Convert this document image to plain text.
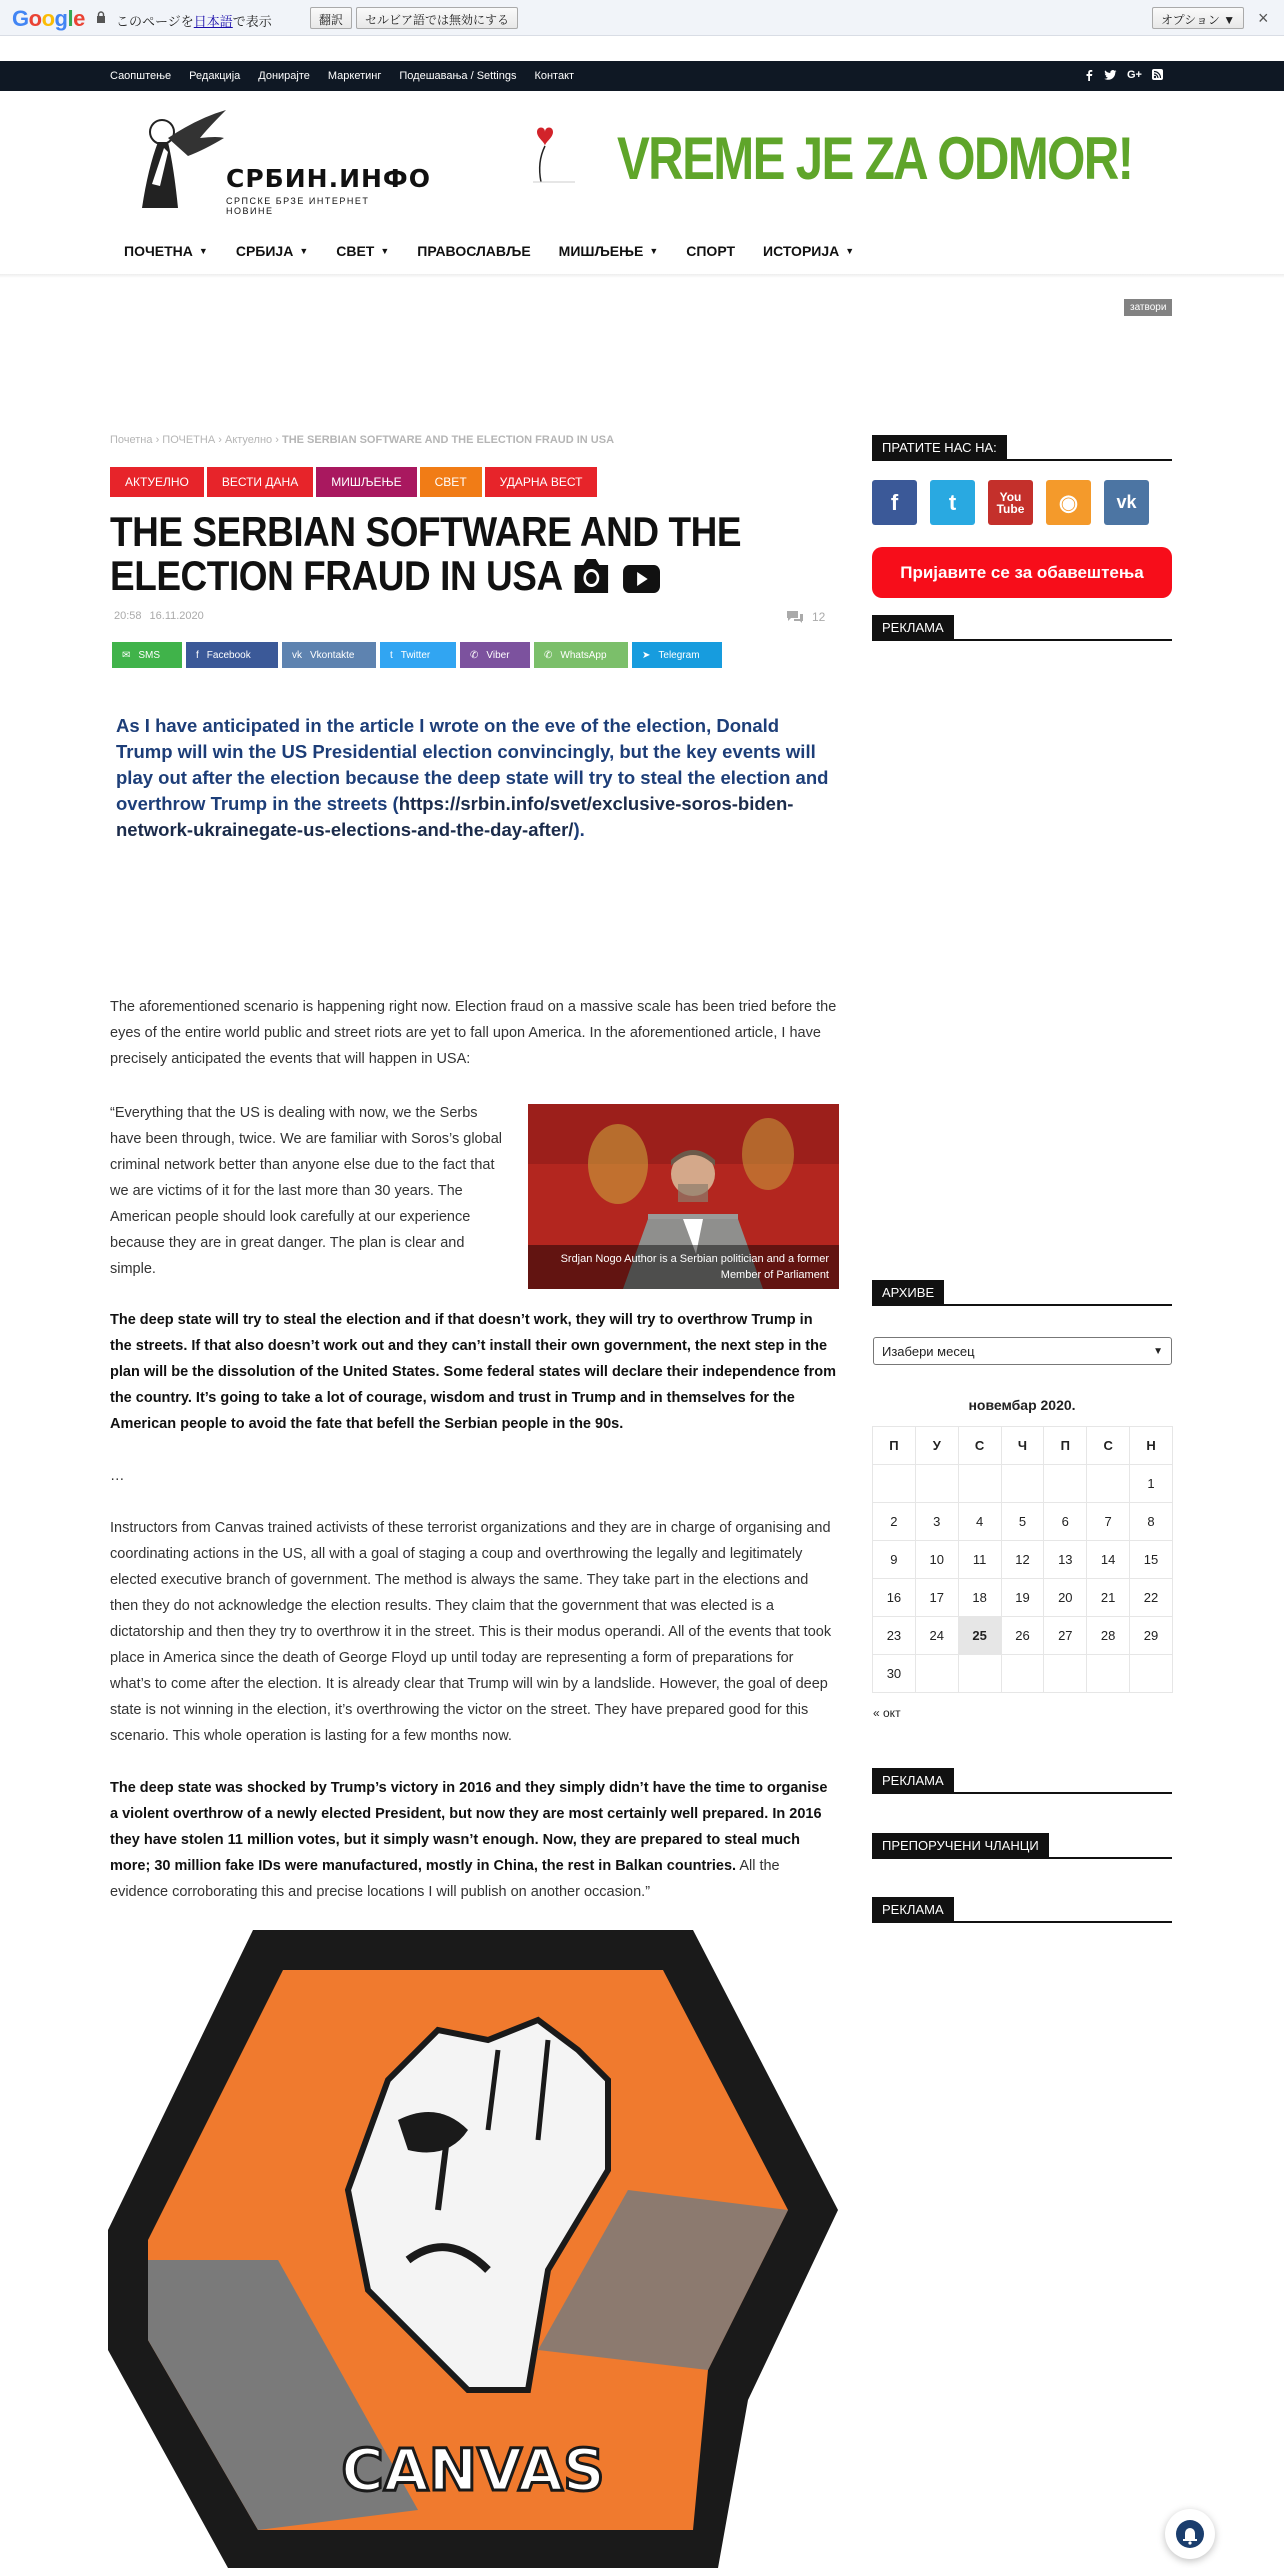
Google このページを日本語で表示	翻訳	セルビア語では無効にする	オプション ▼	×
Саопштење Редакција Донирајте Маркетинг Подешавања / Settings Контакт	G+
СРБИН.ИНФО
СРПСКЕ БРЗЕ ИНТЕРНЕТ НОВИНЕ
VREME JE ZA ODMOR!
ПОЧЕТНА ▼ СРБИЈА ▼ СВЕТ ▼ ПРАВОСЛАВЉЕ МИШЉЕЊЕ ▼ СПОРТ ИСТОРИЈА ▼
затвори
Почетна › ПОЧЕТНА › Актуелно › THE SERBIAN SOFTWARE AND THE ELECTION FRAUD IN USA
АКТУЕЛНО	ВЕСТИ ДАНА	МИШЉЕЊЕ	СВЕТ	УДАРНА ВЕСТ
THE SERBIAN SOFTWARE AND THE ELECTION FRAUD IN USA
20:58 16.11.2020	12
✉ SMS	f Facebook	vk Vkontakte	t Twitter	✆ Viber	✆ WhatsApp	➤ Telegram
As I have anticipated in the article I wrote on the eve of the election, Donald Trump will win the US Presidential election convincingly, but the key events will play out after the election because the deep state will try to steal the election and overthrow Trump in the streets (https://srbin.info/svet/exclusive-soros-biden-network-ukrainegate-us-elections-and-the-day-after/).
The aforementioned scenario is happening right now. Election fraud on a massive scale has been tried before the eyes of the entire world public and street riots are yet to fall upon America. In the aforementioned article, I have precisely anticipated the events that will happen in USA:
“Everything that the US is dealing with now, we the Serbs have been through, twice. We are familiar with Soros’s global criminal network better than anyone else due to the fact that we are victims of it for the last more than 30 years. The American people should look carefully at our experience because they are in great danger. The plan is clear and simple.
Srdjan Nogo Author is a Serbian politician and a former Member of Parliament
The deep state will try to steal the election and if that doesn’t work, they will try to overthrow Trump in the streets. If that also doesn’t work out and they can’t install their own government, the next step in the plan will be the dissolution of the United States. Some federal states will declare their independence from the country. It’s going to take a lot of courage, wisdom and trust in Trump and in themselves for the American people to avoid the fate that befell the Serbian people in the 90s.
…
Instructors from Canvas trained activists of these terrorist organizations and they are in charge of organising and coordinating actions in the US, all with a goal of staging a coup and overthrowing the legally and legitimately elected executive branch of government. The method is always the same. They take part in the elections and then they do not acknowledge the election results. They claim that the government that was elected is a dictatorship and then they try to overthrow it in the street. This is their modus operandi. All of the events that took place in America since the death of George Floyd up until today are representing a form of preparations for what’s to come after the election. It is already clear that Trump will win by a landslide. However, the goal of deep state is not winning in the election, it’s overthrowing the victor on the street. They have prepared good for this scenario. This whole operation is lasting for a few months now.
The deep state was shocked by Trump’s victory in 2016 and they simply didn’t have the time to organise a violent overthrow of a newly elected President, but now they are most certainly well prepared. In 2016 they have stolen 11 million votes, but it simply wasn’t enough. Now, they are prepared to steal much more; 30 million fake IDs were manufactured, mostly in China, the rest in Balkan countries. All the evidence corroborating this and precise locations I will publish on another occasion.”
CANVAS
ПРАТИТЕ НАС НА:
f	t	You Tube	◉	vk
Пријавите се за обавештења
РЕКЛАМА
АРХИВЕ
Изабери месец	▼
новембар 2020.
П	У	С	Ч	П	С	Н
						1
2	3	4	5	6	7	8
9	10	11	12	13	14	15
16	17	18	19	20	21	22
23	24	25	26	27	28	29
30						
« окт
РЕКЛАМА
ПРЕПОРУЧЕНИ ЧЛАНЦИ
РЕКЛАМА
